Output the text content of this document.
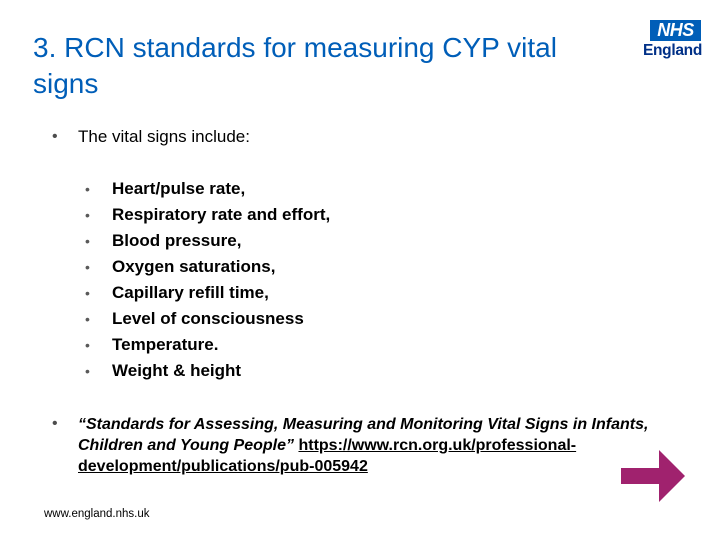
3. RCN standards for measuring CYP vital signs
NHS
England
• The vital signs include:
• Heart/pulse rate,
• Respiratory rate and effort,
• Blood pressure,
• Oxygen saturations,
• Capillary refill time,
• Level of consciousness
• Temperature.
• Weight & height
• “Standards for Assessing, Measuring and Monitoring Vital Signs in Infants, Children and Young People” https://www.rcn.org.uk/professional-development/publications/pub-005942
www.england.nhs.uk
